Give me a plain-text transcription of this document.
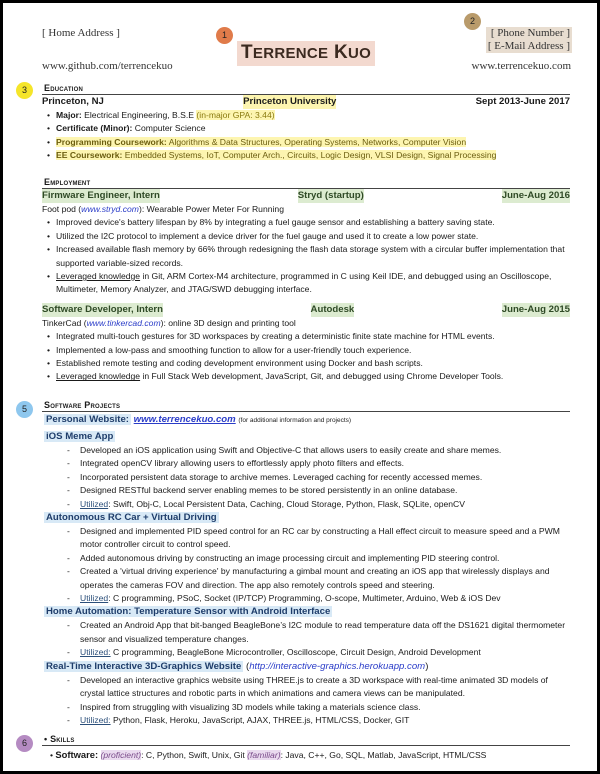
1
2
3
5
6
[ Home Address ]
www.github.com/terrencekuo
TERRENCE KUO
[ Phone Number ]
[ E-Mail Address ]
www.terrencekuo.com
Education
Princeton, NJ	Princeton University	Sept 2013-June 2017
• Major: Electrical Engineering, B.S.E (in-major GPA: 3.44)
• Certificate (Minor): Computer Science
• Programming Coursework: Algorithms & Data Structures, Operating Systems, Networks, Computer Vision
• EE Coursework: Embedded Systems, IoT, Computer Arch., Circuits, Logic Design, VLSI Design, Signal Processing
Employment
Firmware Engineer, Intern	Stryd (startup)	June-Aug 2016
Foot pod (www.stryd.com): Wearable Power Meter For Running
• Improved device's battery lifespan by 8% by integrating a fuel gauge sensor and establishing a battery saving state.
• Utilized the I2C protocol to implement a device driver for the fuel gauge and used it to create a low power state.
• Increased available flash memory by 66% through redesigning the flash data storage system with a circular buffer implementation that supported variable-sized records.
• Leveraged knowledge in Git, ARM Cortex-M4 architecture, programmed in C using Keil IDE, and debugged using an Oscilloscope, Multimeter, Memory Analyzer, and JTAG/SWD debugging interface.
Software Developer, Intern	Autodesk	June-Aug 2015
TinkerCad (www.tinkercad.com): online 3D design and printing tool
• Integrated multi-touch gestures for 3D workspaces by creating a deterministic finite state machine for HTML events.
• Implemented a low-pass and smoothing function to allow for a user-friendly touch experience.
• Established remote testing and coding development environment using Docker and bash scripts.
• Leveraged knowledge in Full Stack Web development, JavaScript, Git, and debugged using Chrome Developer Tools.
Software Projects
Personal Website: www.terrencekuo.com (for additional information and projects)
iOS Meme App
- Developed an iOS application using Swift and Objective-C that allows users to easily create and share memes.
- Integrated openCV library allowing users to effortlessly apply photo filters and effects.
- Incorporated persistent data storage to archive memes. Leveraged caching for recently accessed memes.
- Designed RESTful backend server enabling memes to be stored persistently in an online database.
- Utilized: Swift, Obj-C, Local Persistent Data, Caching, Cloud Storage, Python, Flask, SQLite, openCV
Autonomous RC Car + Virtual Driving
- Designed and implemented PID speed control for an RC car by constructing a Hall effect circuit to measure speed and a PWM motor controller circuit to control speed.
- Added autonomous driving by constructing an image processing circuit and implementing PID steering control.
- Created a 'virtual driving experience' by manufacturing a gimbal mount and creating an iOS app that wirelessly displays and operates the cameras FOV and direction. The app also remotely controls speed and steering.
- Utilized: C programming, PSoC, Socket (IP/TCP) Programming, O-scope, Multimeter, Arduino, Web & iOS Dev
Home Automation: Temperature Sensor with Android Interface
- Created an Android App that bit-banged BeagleBone’s I2C module to read temperature data off the DS1621 digital thermometer sensor and visualized temperature changes.
- Utilized: C programming, BeagleBone Microcontroller, Oscilloscope, Circuit Design, Android Development
Real-Time Interactive 3D-Graphics Website (http://interactive-graphics.herokuapp.com)
- Developed an interactive graphics website using THREE.js to create a 3D workspace with real-time animated 3D models of crystal lattice structures and robotic parts in which animations and camera views can be manipulated.
- Inspired from struggling with visualizing 3D models while taking a materials science class.
- Utilized: Python, Flask, Heroku, JavaScript, AJAX, THREE.js, HTML/CSS, Docker, GIT
• Skills
• Software: (proficient): C, Python, Swift, Unix, Git (familiar): Java, C++, Go, SQL, Matlab, JavaScript, HTML/CSS
